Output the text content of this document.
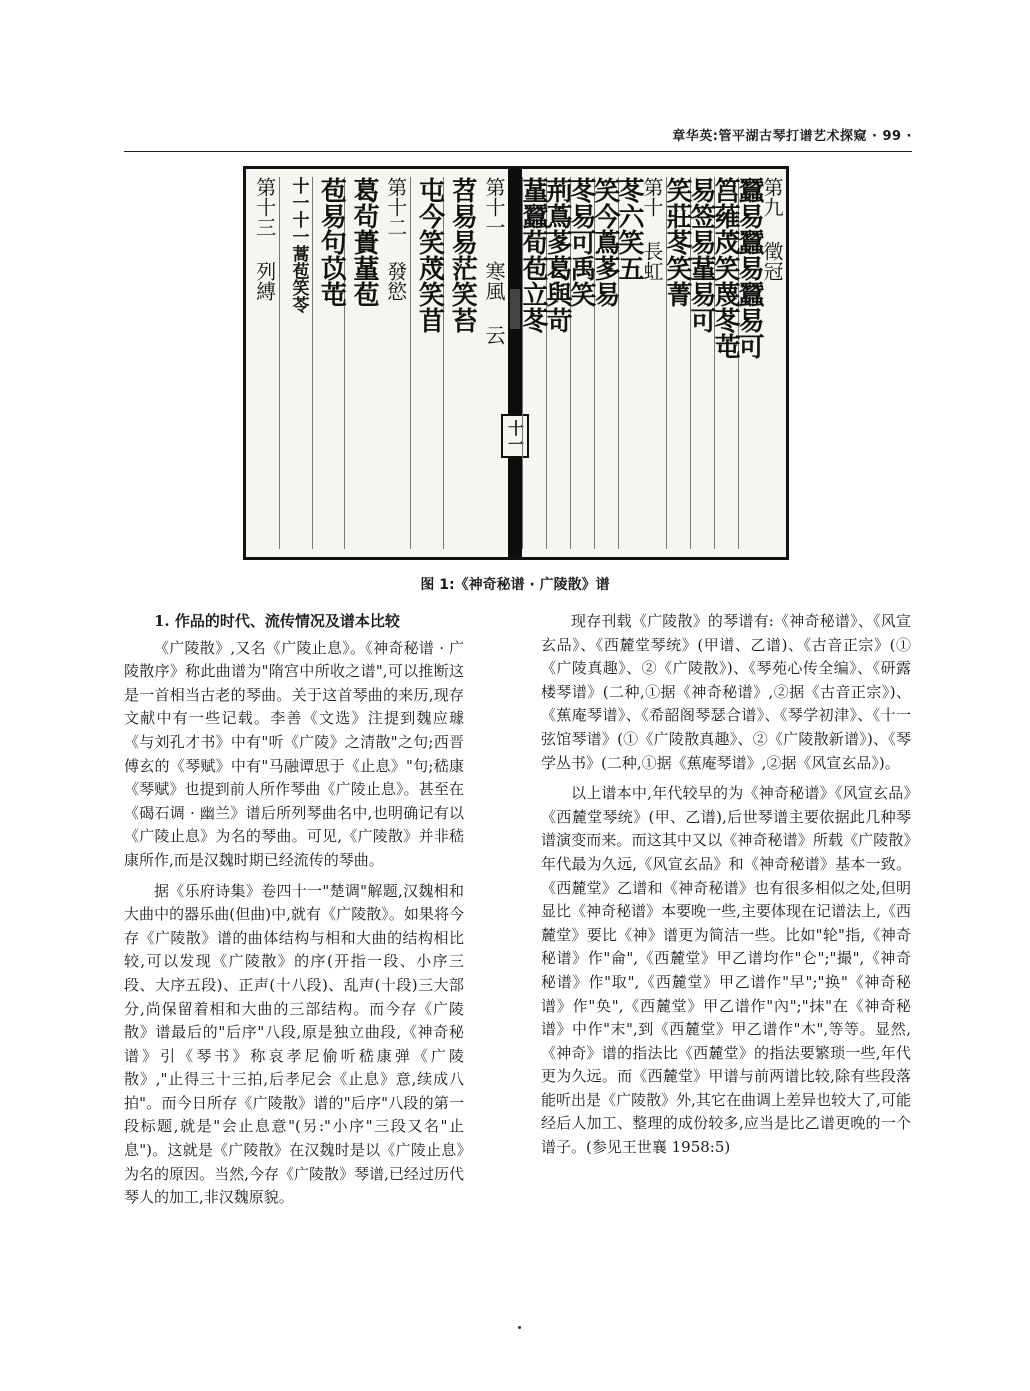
章华英:管平湖古琴打谱艺术探窥 · 99 ·
第十一 寒風 云
苕易易茫笑苔
屯今笑荗笑苜
第十二 發慾
葛茍蕢蓳苞
苞易句苡芚
十一十一蒿苞笑苓
第十三 列縛
十一
第九 徵冠
蠶易蠶易蠶易可
筥䔨荗笑蔑苳芚
易签易蓳易可
笑莊苳笑菁
第十 長虹
苳六笑五
笑今蔦茤易
苳易可禹笑
荊蔦茤葛與苛
蓳蠶荀苞立苳
图 1:《神奇秘谱 · 广陵散》谱
1. 作品的时代、流传情况及谱本比较

《广陵散》,又名《广陵止息》。《神奇秘谱 · 广陵散序》称此曲谱为"隋宫中所收之谱",可以推断这是一首相当古老的琴曲。关于这首琴曲的来历,现存文献中有一些记载。李善《文选》注提到魏应璩《与刘孔才书》中有"听《广陵》之清散"之句;西晋傅玄的《琴赋》中有"马融谭思于《止息》"句;嵇康《琴赋》也提到前人所作琴曲《广陵止息》。甚至在《碣石调 · 幽兰》谱后所列琴曲名中,也明确记有以《广陵止息》为名的琴曲。可见,《广陵散》并非嵇康所作,而是汉魏时期已经流传的琴曲。

据《乐府诗集》卷四十一"楚调"解题,汉魏相和大曲中的器乐曲(但曲)中,就有《广陵散》。如果将今存《广陵散》谱的曲体结构与相和大曲的结构相比较,可以发现《广陵散》的序(开指一段、小序三段、大序五段)、正声(十八段)、乱声(十段)三大部分,尚保留着相和大曲的三部结构。而今存《广陵散》谱最后的"后序"八段,原是独立曲段,《神奇秘谱》引《琴书》称哀孝尼偷听嵇康弹《广陵散》,"止得三十三拍,后孝尼会《止息》意,续成八拍"。而今日所存《广陵散》谱的"后序"八段的第一段标题,就是"会止息意"(另:"小序"三段又名"止息")。这就是《广陵散》在汉魏时是以《广陵止息》为名的原因。当然,今存《广陵散》琴谱,已经过历代琴人的加工,非汉魏原貌。

现存刊载《广陵散》的琴谱有:《神奇秘谱》、《风宣玄品》、《西麓堂琴统》(甲谱、乙谱)、《古音正宗》(①《广陵真趣》、②《广陵散》)、《琴苑心传全编》、《研露楼琴谱》(二种,①据《神奇秘谱》,②据《古音正宗》)、《蕉庵琴谱》、《希韶阁琴瑟合谱》、《琴学初津》、《十一弦馆琴谱》(①《广陵散真趣》、②《广陵散新谱》)、《琴学丛书》(二种,①据《蕉庵琴谱》,②据《风宣玄品》)。

以上谱本中,年代较早的为《神奇秘谱》《风宣玄品》《西麓堂琴统》(甲、乙谱),后世琴谱主要依据此几种琴谱演变而来。而这其中又以《神奇秘谱》所载《广陵散》年代最为久远,《风宣玄品》和《神奇秘谱》基本一致。《西麓堂》乙谱和《神奇秘谱》也有很多相似之处,但明显比《神奇秘谱》本要晚一些,主要体现在记谱法上,《西麓堂》要比《神》谱更为简洁一些。比如"轮"指,《神奇秘谱》作"侖",《西麓堂》甲乙谱均作"仑";"撮",《神奇秘谱》作"取",《西麓堂》甲乙谱作"早";"换"《神奇秘谱》作"奂",《西麓堂》甲乙谱作"內";"抹"在《神奇秘谱》中作"末",到《西麓堂》甲乙谱作"木",等等。显然,《神奇》谱的指法比《西麓堂》的指法要繁琐一些,年代更为久远。而《西麓堂》甲谱与前两谱比较,除有些段落能听出是《广陵散》外,其它在曲调上差异也较大了,可能经后人加工、整理的成份较多,应当是比乙谱更晚的一个谱子。(参见王世襄 1958:5)
